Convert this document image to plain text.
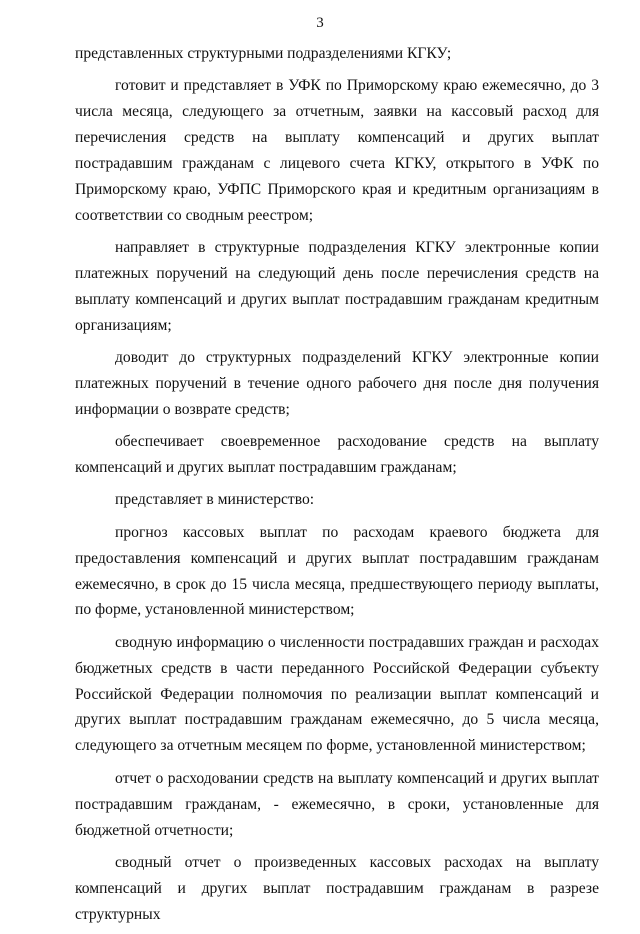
3

представленных структурными подразделениями КГКУ;

готовит и представляет в УФК по Приморскому краю ежемесячно, до 3 числа месяца, следующего за отчетным, заявки на кассовый расход для перечисления средств на выплату компенсаций и других выплат пострадавшим гражданам с лицевого счета КГКУ, открытого в УФК по Приморскому краю, УФПС Приморского края и кредитным организациям в соответствии со сводным реестром;

направляет в структурные подразделения КГКУ электронные копии платежных поручений на следующий день после перечисления средств на выплату компенсаций и других выплат пострадавшим гражданам кредитным организациям;

доводит до структурных подразделений КГКУ электронные копии платежных поручений в течение одного рабочего дня после дня получения информации о возврате средств;

обеспечивает своевременное расходование средств на выплату компенсаций и других выплат пострадавшим гражданам;

представляет в министерство:

прогноз кассовых выплат по расходам краевого бюджета для предоставления компенсаций и других выплат пострадавшим гражданам ежемесячно, в срок до 15 числа месяца, предшествующего периоду выплаты, по форме, установленной министерством;

сводную информацию о численности пострадавших граждан и расходах бюджетных средств в части переданного Российской Федерации субъекту Российской Федерации полномочия по реализации выплат компенсаций и других выплат пострадавшим гражданам ежемесячно, до 5 числа месяца, следующего за отчетным месяцем по форме, установленной министерством;

отчет о расходовании средств на выплату компенсаций и других выплат пострадавшим гражданам, - ежемесячно, в сроки, установленные для бюджетной отчетности;

сводный отчет о произведенных кассовых расходах на выплату компенсаций и других выплат пострадавшим гражданам в разрезе структурных
